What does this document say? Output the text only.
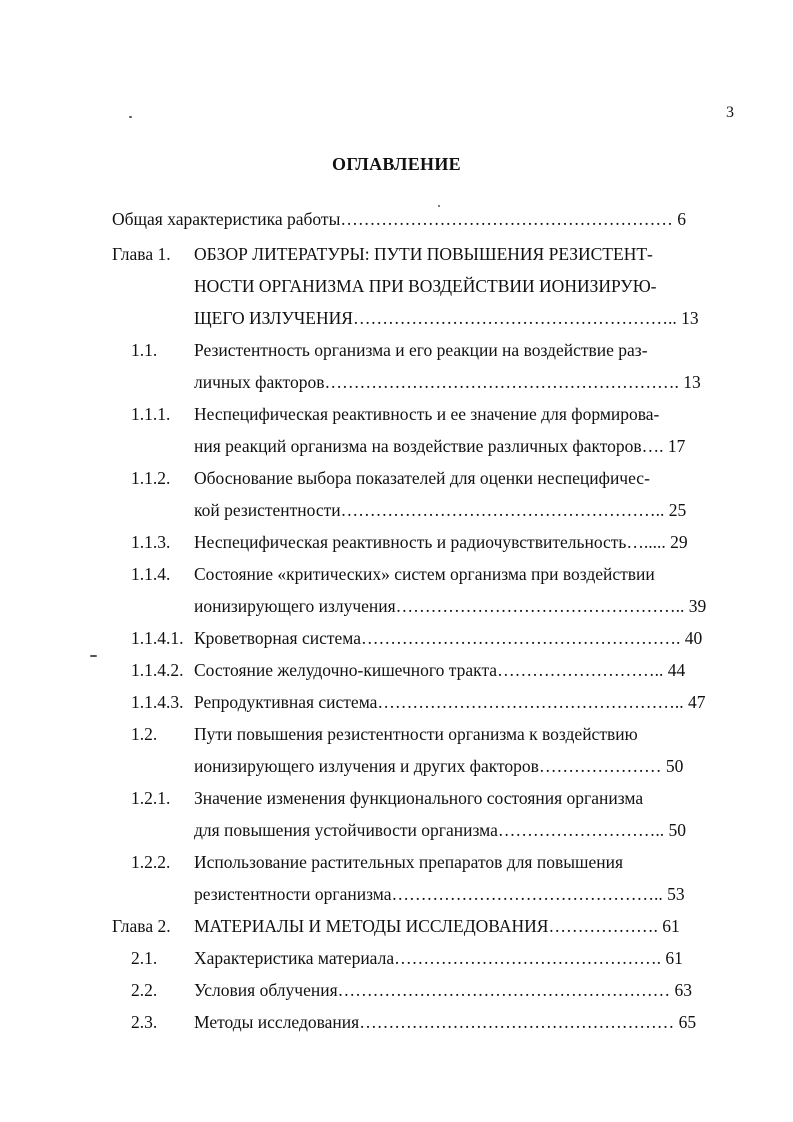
3
ОГЛАВЛЕНИЕ
Общая характеристика работы………………………………………………… 6
Глава 1. ОБЗОР ЛИТЕРАТУРЫ: ПУТИ ПОВЫШЕНИЯ РЕЗИСТЕНТ-
НОСТИ ОРГАНИЗМА ПРИ ВОЗДЕЙСТВИИ ИОНИЗИРУЮ-
ЩЕГО ИЗЛУЧЕНИЯ……………………………………………….. 13
1.1. Резистентность организма и его реакции на воздействие раз-
личных факторов……………………………………………………. 13
1.1.1. Неспецифическая реактивность и ее значение для формирова-
ния реакций организма на воздействие различных факторов…. 17
1.1.2. Обоснование выбора показателей для оценки неспецифичес-
кой резистентности……………………………………………….. 25
1.1.3. Неспецифическая реактивность и радиочувствительность…..... 29
1.1.4. Состояние «критических» систем организма при воздействии
ионизирующего излучения………………………………………….. 39
1.1.4.1. Кроветворная система………………………………………………. 40
1.1.4.2. Состояние желудочно-кишечного тракта……………………….. 44
1.1.4.3. Репродуктивная система…………………………………………….. 47
1.2. Пути повышения резистентности организма к воздействию
ионизирующего излучения и других факторов………………… 50
1.2.1. Значение изменения функционального состояния организма
для повышения устойчивости организма……………………….. 50
1.2.2. Использование растительных препаратов для повышения
резистентности организма……………………………………….. 53
Глава 2. МАТЕРИАЛЫ И МЕТОДЫ ИССЛЕДОВАНИЯ………………. 61
2.1. Характеристика материала………………………………………. 61
2.2. Условия облучения………………………………………………… 63
2.3. Методы исследования……………………………………………… 65
